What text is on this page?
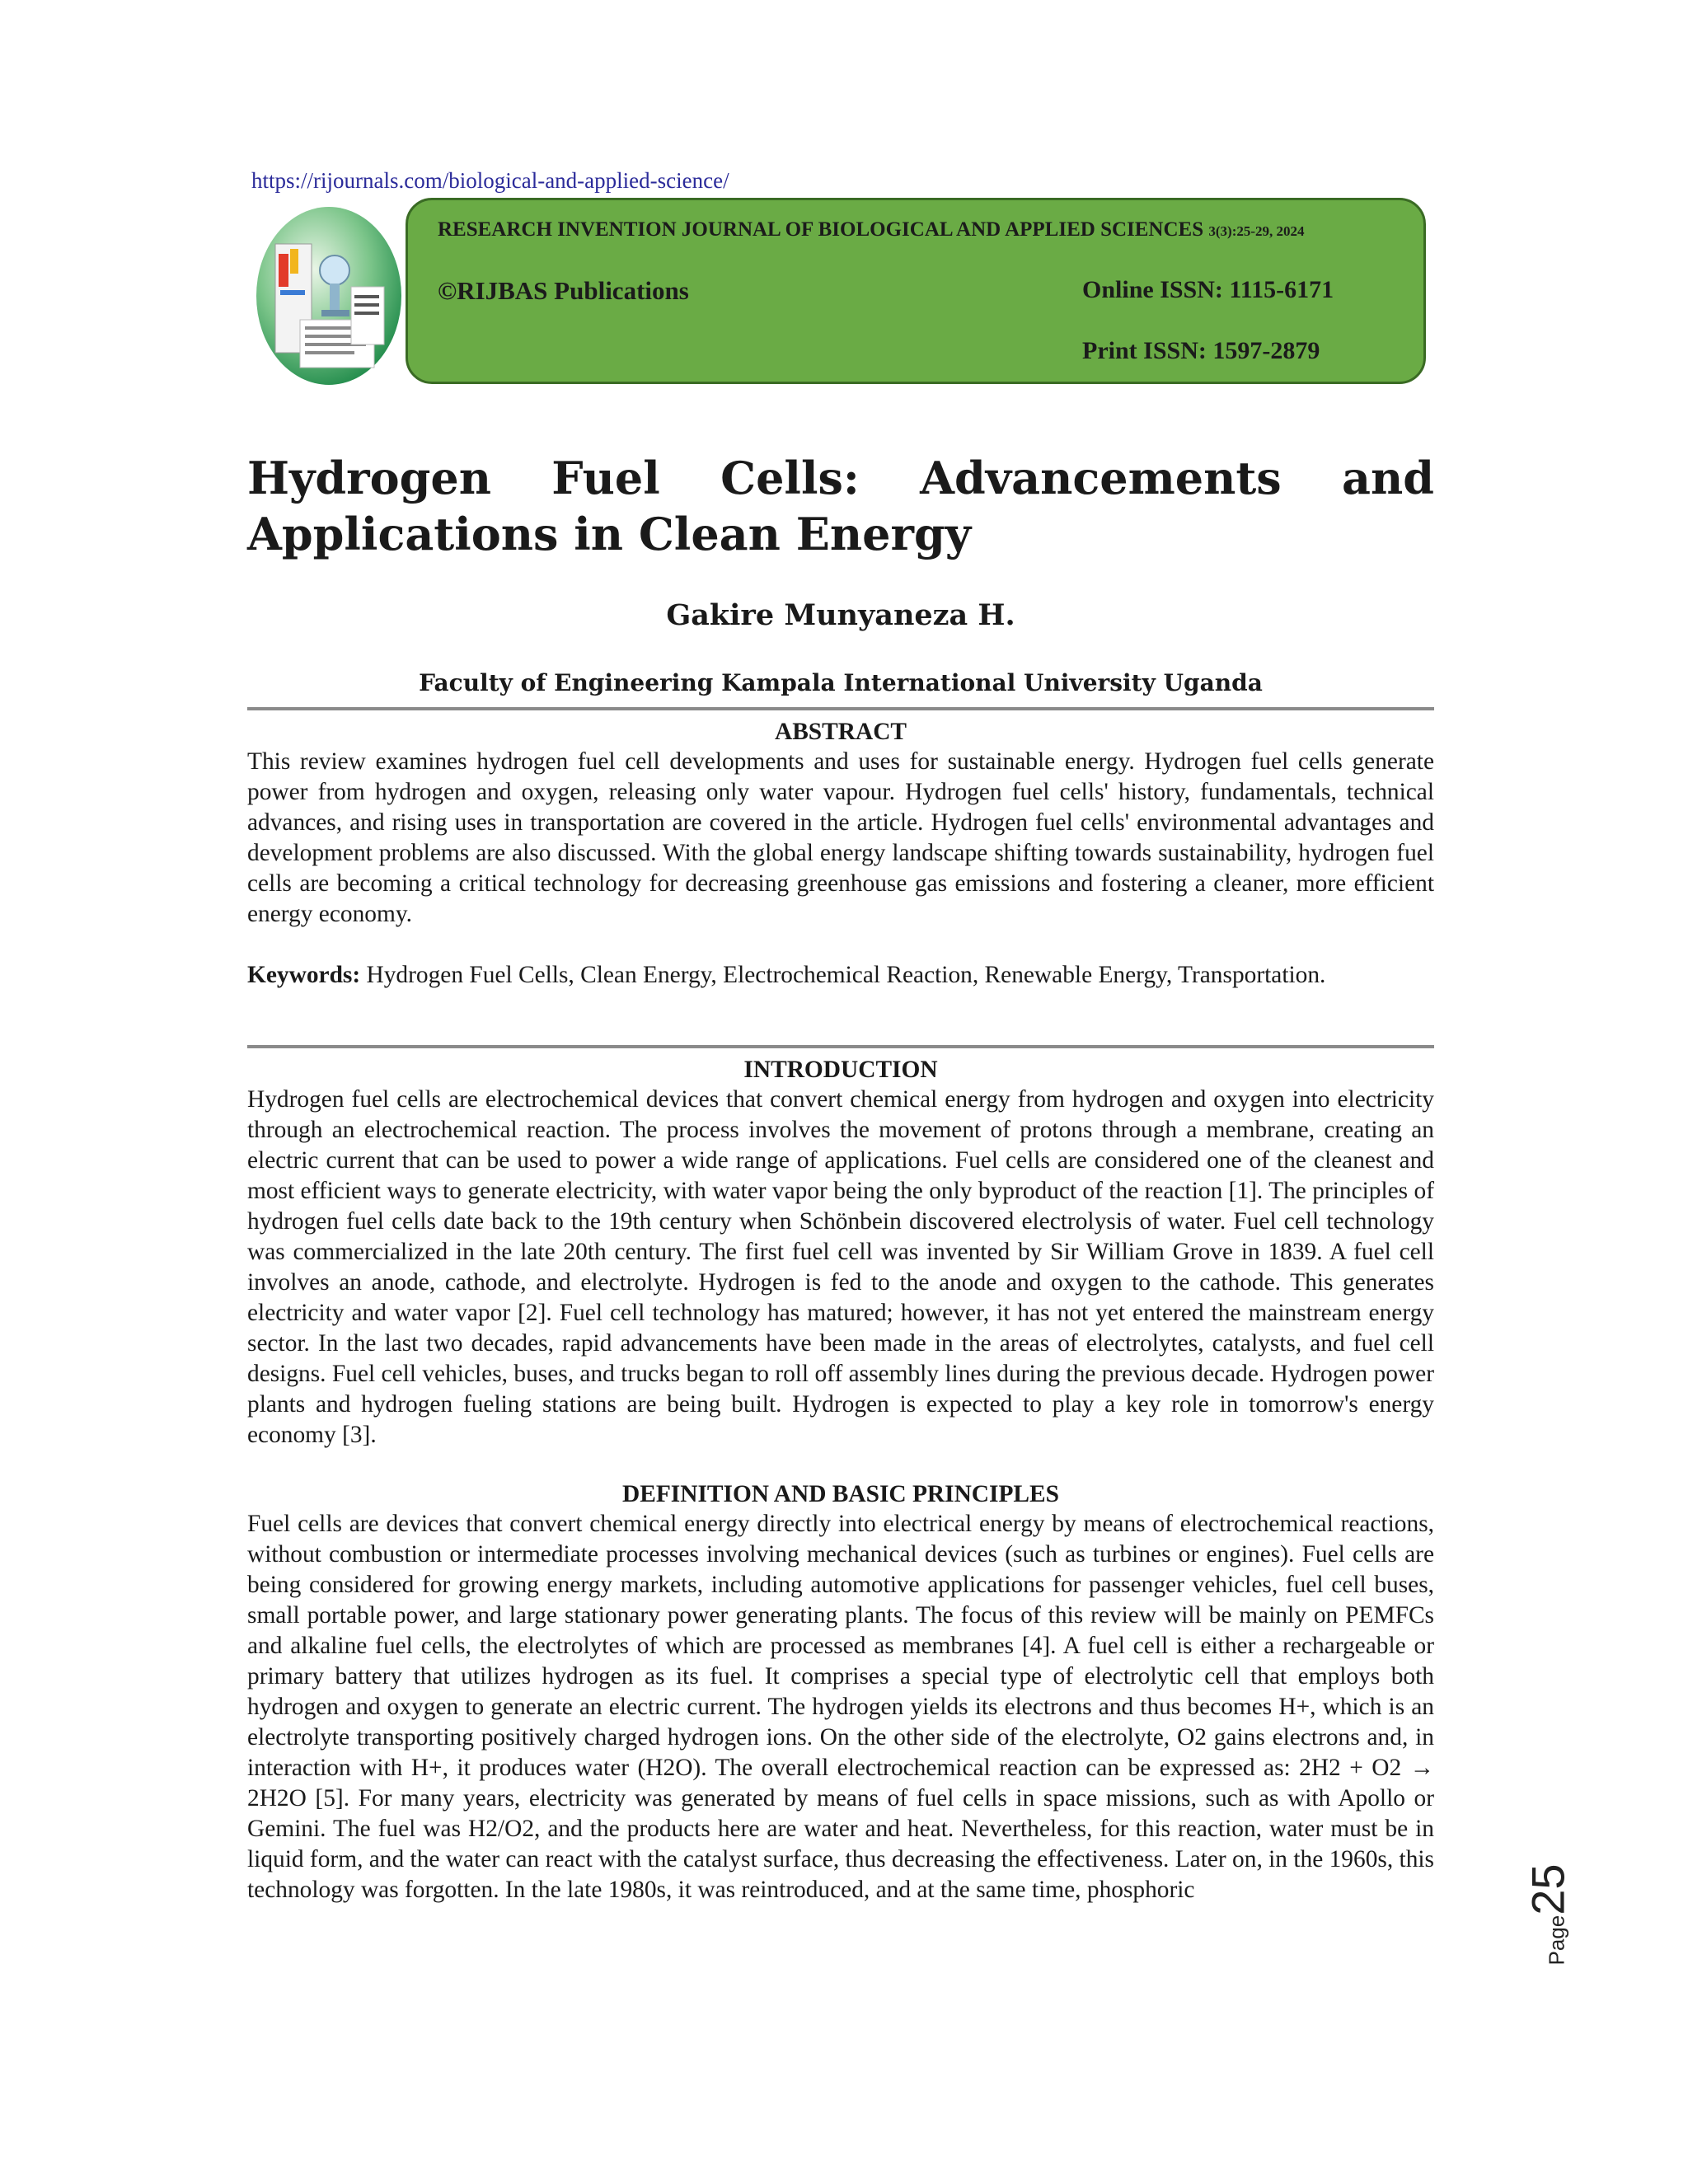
https://rijournals.com/biological-and-applied-science/
RESEARCH INVENTION JOURNAL OF BIOLOGICAL AND APPLIED SCIENCES 3(3):25-29, 2024
©RIJBAS Publications	Online ISSN: 1115-6171
Print ISSN: 1597-2879
Hydrogen Fuel Cells: Advancements and Applications in Clean Energy
Gakire Munyaneza H.
Faculty of Engineering Kampala International University Uganda
ABSTRACT

This review examines hydrogen fuel cell developments and uses for sustainable energy. Hydrogen fuel cells generate power from hydrogen and oxygen, releasing only water vapour. Hydrogen fuel cells' history, fundamentals, technical advances, and rising uses in transportation are covered in the article. Hydrogen fuel cells' environmental advantages and development problems are also discussed. With the global energy landscape shifting towards sustainability, hydrogen fuel cells are becoming a critical technology for decreasing greenhouse gas emissions and fostering a cleaner, more efficient energy economy.

Keywords: Hydrogen Fuel Cells, Clean Energy, Electrochemical Reaction, Renewable Energy, Transportation.

INTRODUCTION

Hydrogen fuel cells are electrochemical devices that convert chemical energy from hydrogen and oxygen into electricity through an electrochemical reaction. The process involves the movement of protons through a membrane, creating an electric current that can be used to power a wide range of applications. Fuel cells are considered one of the cleanest and most efficient ways to generate electricity, with water vapor being the only byproduct of the reaction [1]. The principles of hydrogen fuel cells date back to the 19th century when Schönbein discovered electrolysis of water. Fuel cell technology was commercialized in the late 20th century. The first fuel cell was invented by Sir William Grove in 1839. A fuel cell involves an anode, cathode, and electrolyte. Hydrogen is fed to the anode and oxygen to the cathode. This generates electricity and water vapor [2]. Fuel cell technology has matured; however, it has not yet entered the mainstream energy sector. In the last two decades, rapid advancements have been made in the areas of electrolytes, catalysts, and fuel cell designs. Fuel cell vehicles, buses, and trucks began to roll off assembly lines during the previous decade. Hydrogen power plants and hydrogen fueling stations are being built. Hydrogen is expected to play a key role in tomorrow's energy economy [3].

DEFINITION AND BASIC PRINCIPLES

Fuel cells are devices that convert chemical energy directly into electrical energy by means of electrochemical reactions, without combustion or intermediate processes involving mechanical devices (such as turbines or engines). Fuel cells are being considered for growing energy markets, including automotive applications for passenger vehicles, fuel cell buses, small portable power, and large stationary power generating plants. The focus of this review will be mainly on PEMFCs and alkaline fuel cells, the electrolytes of which are processed as membranes [4]. A fuel cell is either a rechargeable or primary battery that utilizes hydrogen as its fuel. It comprises a special type of electrolytic cell that employs both hydrogen and oxygen to generate an electric current. The hydrogen yields its electrons and thus becomes H+, which is an electrolyte transporting positively charged hydrogen ions. On the other side of the electrolyte, O2 gains electrons and, in interaction with H+, it produces water (H2O). The overall electrochemical reaction can be expressed as: 2H2 + O2 → 2H2O [5]. For many years, electricity was generated by means of fuel cells in space missions, such as with Apollo or Gemini. The fuel was H2/O2, and the products here are water and heat. Nevertheless, for this reaction, water must be in liquid form, and the water can react with the catalyst surface, thus decreasing the effectiveness. Later on, in the 1960s, this technology was forgotten. In the late 1980s, it was reintroduced, and at the same time, phosphoric

Page25
